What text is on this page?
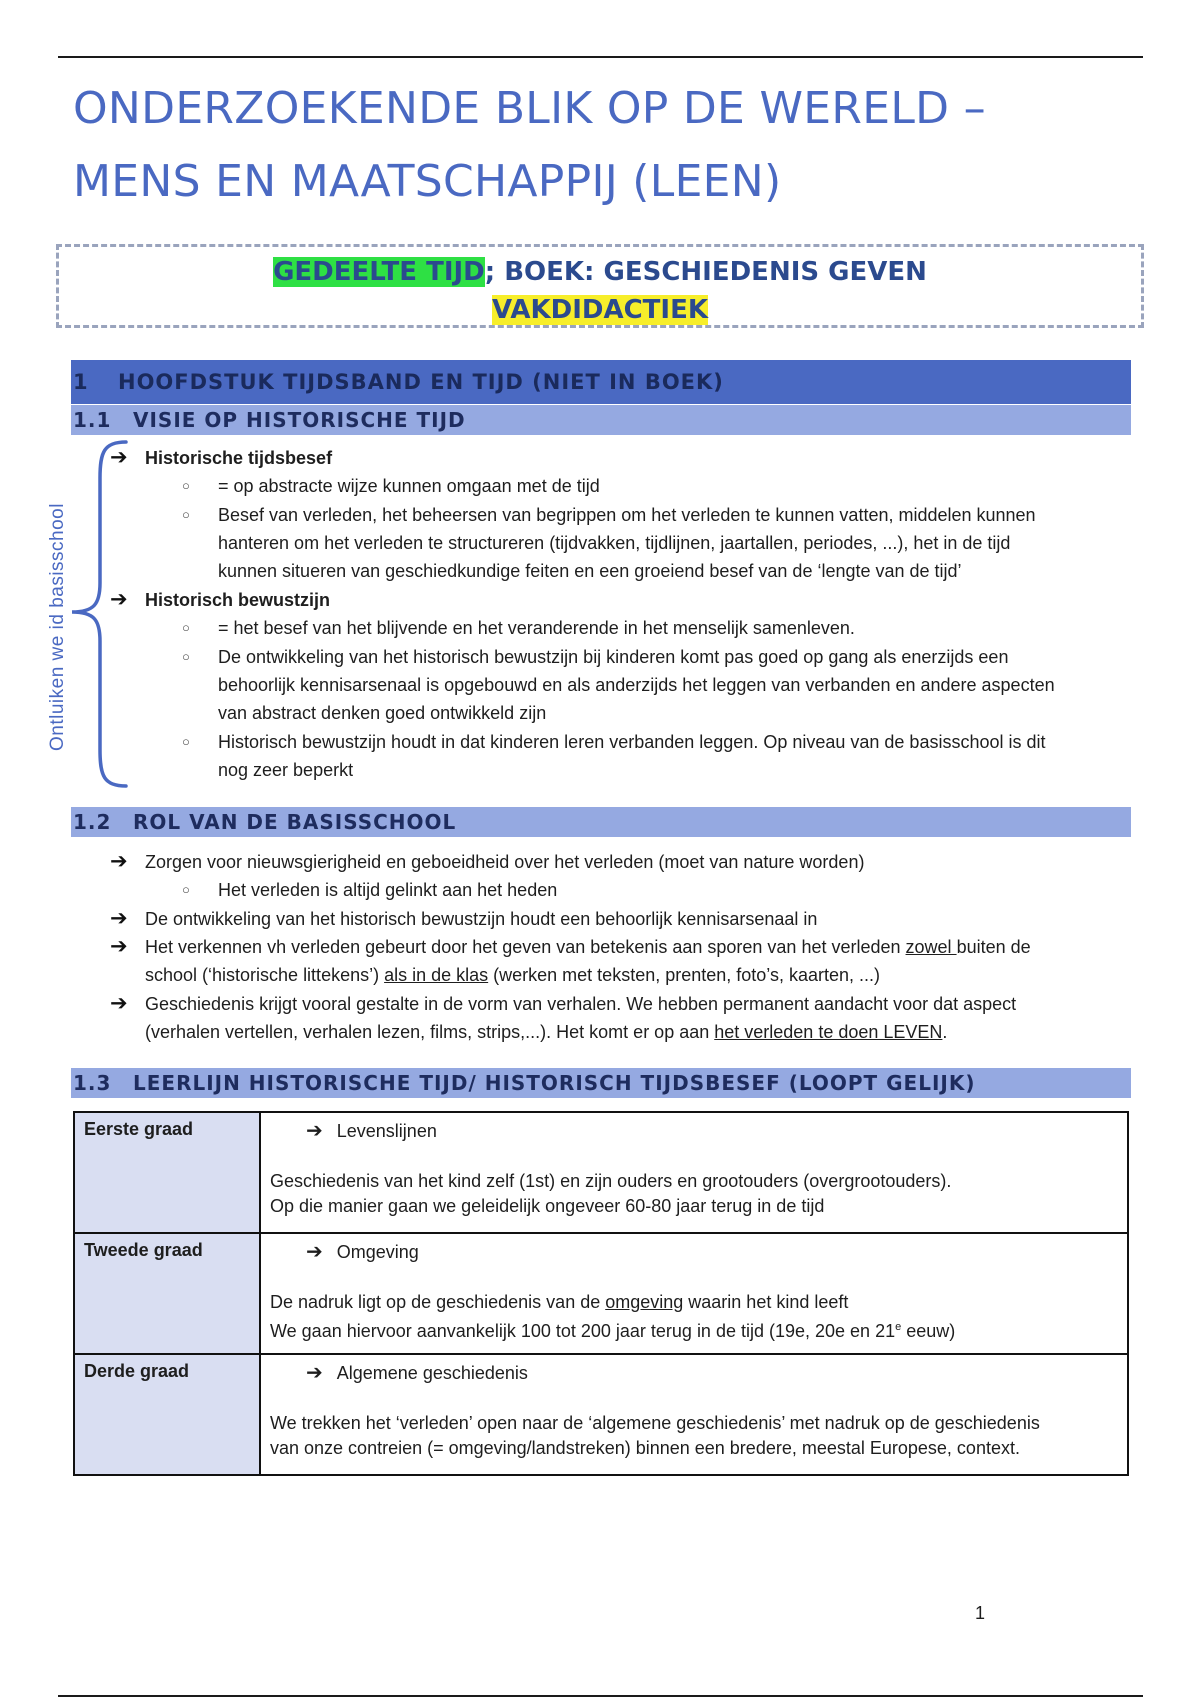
ONDERZOEKENDE BLIK OP DE WERELD –
MENS EN MAATSCHAPPIJ (LEEN)
GEDEELTE TIJD; BOEK: GESCHIEDENIS GEVEN
VAKDIDACTIEK
1 HOOFDSTUK TIJDSBAND EN TIJD (NIET IN BOEK)
1.1 VISIE OP HISTORISCHE TIJD
Ontluiken we id basisschool
➔ Historische tijdsbesef
○ = op abstracte wijze kunnen omgaan met de tijd
○ Besef van verleden, het beheersen van begrippen om het verleden te kunnen vatten, middelen kunnen
hanteren om het verleden te structureren (tijdvakken, tijdlijnen, jaartallen, periodes, ...), het in de tijd
kunnen situeren van geschiedkundige feiten en een groeiend besef van de ‘lengte van de tijd’
➔ Historisch bewustzijn
○ = het besef van het blijvende en het veranderende in het menselijk samenleven.
○ De ontwikkeling van het historisch bewustzijn bij kinderen komt pas goed op gang als enerzijds een
behoorlijk kennisarsenaal is opgebouwd en als anderzijds het leggen van verbanden en andere aspecten
van abstract denken goed ontwikkeld zijn
○ Historisch bewustzijn houdt in dat kinderen leren verbanden leggen. Op niveau van de basisschool is dit
nog zeer beperkt
1.2 ROL VAN DE BASISSCHOOL
➔ Zorgen voor nieuwsgierigheid en geboeidheid over het verleden (moet van nature worden)
○ Het verleden is altijd gelinkt aan het heden
➔ De ontwikkeling van het historisch bewustzijn houdt een behoorlijk kennisarsenaal in
➔ Het verkennen vh verleden gebeurt door het geven van betekenis aan sporen van het verleden zowel buiten de
school (‘historische littekens’) als in de klas (werken met teksten, prenten, foto’s, kaarten, ...)
➔ Geschiedenis krijgt vooral gestalte in de vorm van verhalen. We hebben permanent aandacht voor dat aspect
(verhalen vertellen, verhalen lezen, films, strips,...). Het komt er op aan het verleden te doen LEVEN.
1.3 LEERLIJN HISTORISCHE TIJD/ HISTORISCH TIJDSBESEF (LOOPT GELIJK)
Eerste graad	➔ Levenslijnen
Geschiedenis van het kind zelf (1st) en zijn ouders en grootouders (overgrootouders).
Op die manier gaan we geleidelijk ongeveer 60-80 jaar terug in de tijd

Tweede graad	➔ Omgeving
De nadruk ligt op de geschiedenis van de omgeving waarin het kind leeft
We gaan hiervoor aanvankelijk 100 tot 200 jaar terug in de tijd (19e, 20e en 21e eeuw)

Derde graad	➔ Algemene geschiedenis
We trekken het ‘verleden’ open naar de ‘algemene geschiedenis’ met nadruk op de geschiedenis
van onze contreien (= omgeving/landstreken) binnen een bredere, meestal Europese, context.
1
